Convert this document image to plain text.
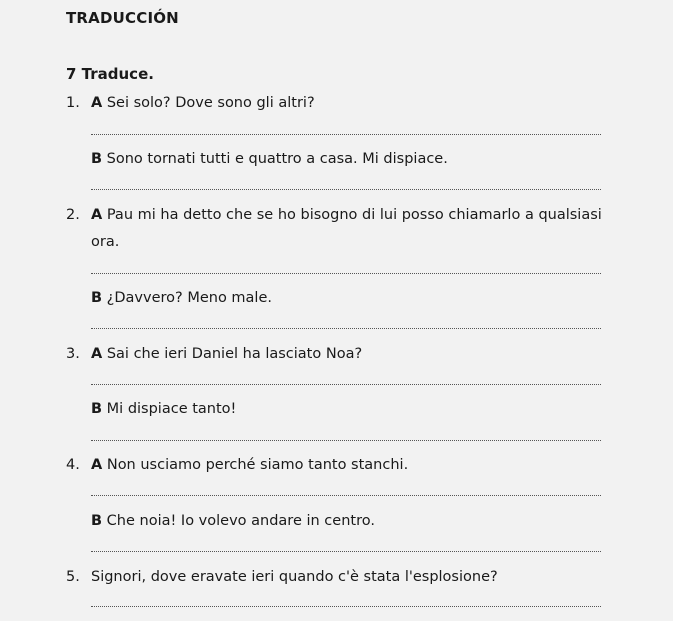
TRADUCCIÓN
7 Traduce.
1. A Sei solo? Dove sono gli altri?
B Sono tornati tutti e quattro a casa. Mi dispiace.
2. A Pau mi ha detto che se ho bisogno di lui posso chiamarlo a qualsiasi
ora.
B ¿Davvero? Meno male.
3. A Sai che ieri Daniel ha lasciato Noa?
B Mi dispiace tanto!
4. A Non usciamo perché siamo tanto stanchi.
B Che noia! Io volevo andare in centro.
5. Signori, dove eravate ieri quando c'è stata l'esplosione?
